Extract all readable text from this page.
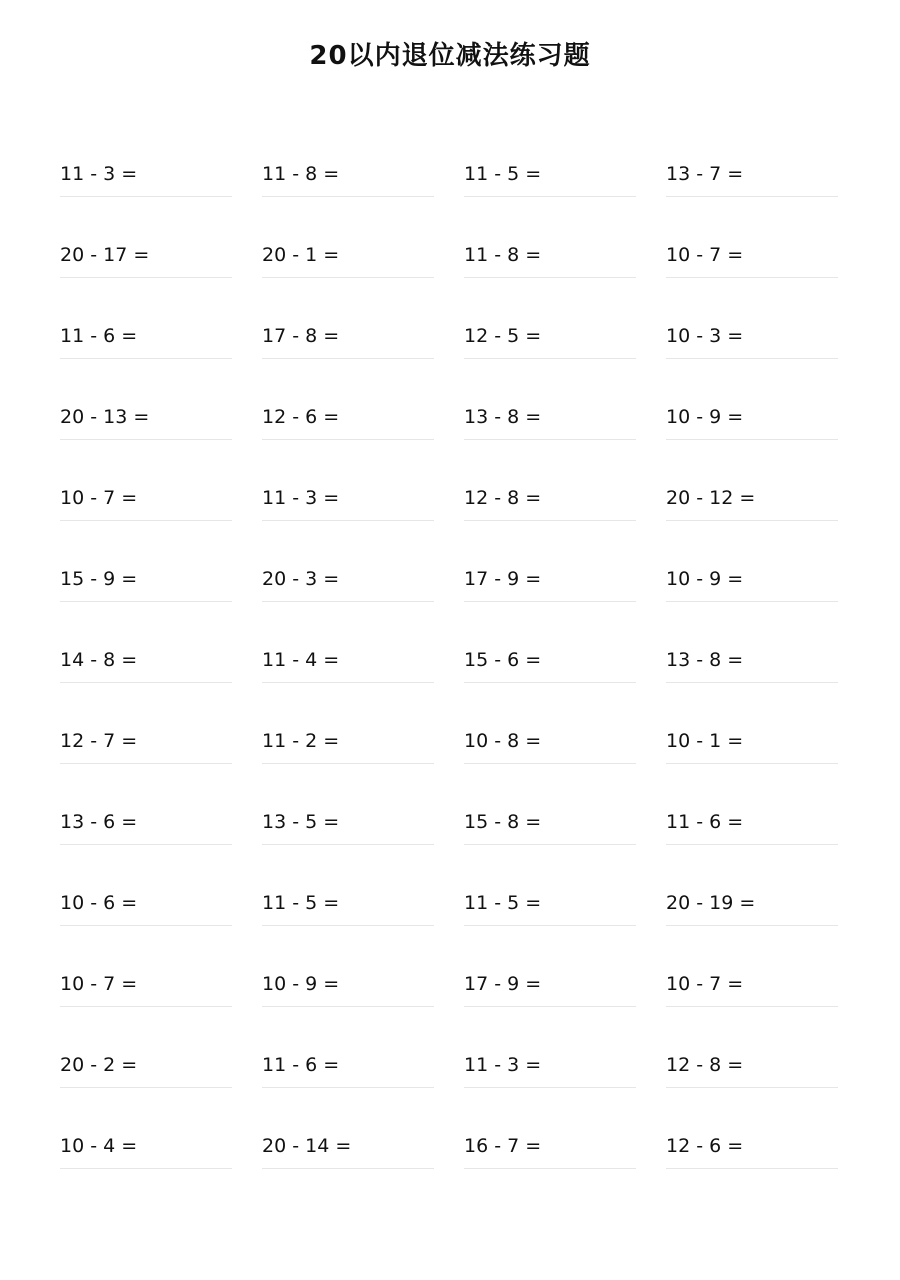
20以内退位减法练习题
11 - 3 =	11 - 8 =	11 - 5 =	13 - 7 =
20 - 17 =	20 - 1 =	11 - 8 =	10 - 7 =
11 - 6 =	17 - 8 =	12 - 5 =	10 - 3 =
20 - 13 =	12 - 6 =	13 - 8 =	10 - 9 =
10 - 7 =	11 - 3 =	12 - 8 =	20 - 12 =
15 - 9 =	20 - 3 =	17 - 9 =	10 - 9 =
14 - 8 =	11 - 4 =	15 - 6 =	13 - 8 =
12 - 7 =	11 - 2 =	10 - 8 =	10 - 1 =
13 - 6 =	13 - 5 =	15 - 8 =	11 - 6 =
10 - 6 =	11 - 5 =	11 - 5 =	20 - 19 =
10 - 7 =	10 - 9 =	17 - 9 =	10 - 7 =
20 - 2 =	11 - 6 =	11 - 3 =	12 - 8 =
10 - 4 =	20 - 14 =	16 - 7 =	12 - 6 =
